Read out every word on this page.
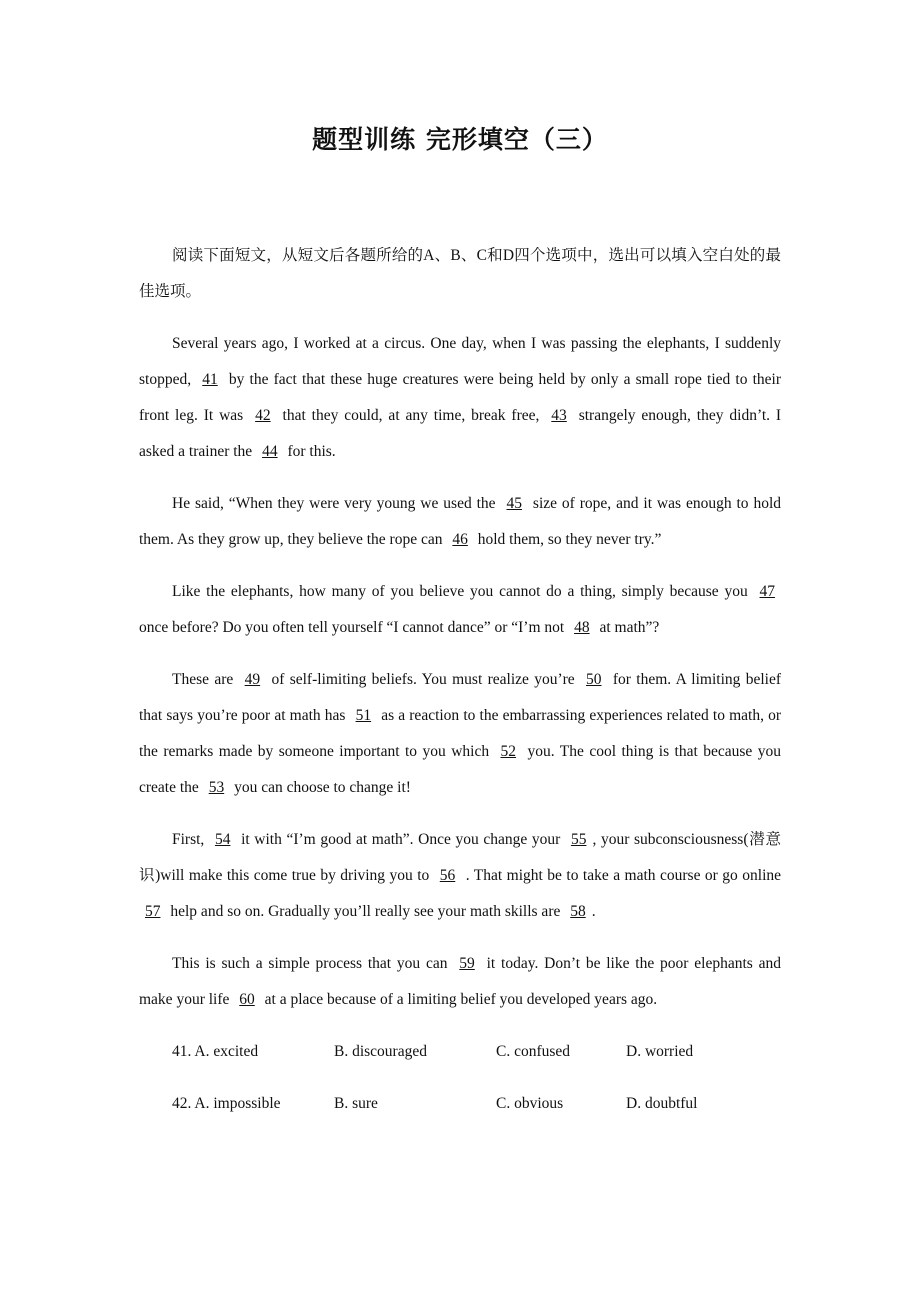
题型训练 完形填空（三）

阅读下面短文，从短文后各题所给的A、B、C和D四个选项中，选出可以填入空白处的最佳选项。

Several years ago, I worked at a circus. One day, when I was passing the elephants, I suddenly stopped, 41 by the fact that these huge creatures were being held by only a small rope tied to their front leg. It was 42 that they could, at any time, break free, 43 strangely enough, they didn’t. I asked a trainer the 44 for this.

He said, “When they were very young we used the 45 size of rope, and it was enough to hold them. As they grow up, they believe the rope can 46 hold them, so they never try.”

Like the elephants, how many of you believe you cannot do a thing, simply because you 47 once before? Do you often tell yourself “I cannot dance” or “I’m not 48 at math”?

These are 49 of self-limiting beliefs. You must realize you’re 50 for them. A limiting belief that says you’re poor at math has 51 as a reaction to the embarrassing experiences related to math, or the remarks made by someone important to you which 52 you. The cool thing is that because you create the 53 you can choose to change it!

First, 54 it with “I’m good at math”. Once you change your 55 , your subconsciousness(潜意识)will make this come true by driving you to 56 . That might be to take a math course or go online 57 help and so on. Gradually you’ll really see your math skills are 58 .

This is such a simple process that you can 59 it today. Don’t be like the poor elephants and make your life 60 at a place because of a limiting belief you developed years ago.

41. A. excited	B. discouraged	C. confused	D. worried
42. A. impossible	B. sure	C. obvious	D. doubtful
